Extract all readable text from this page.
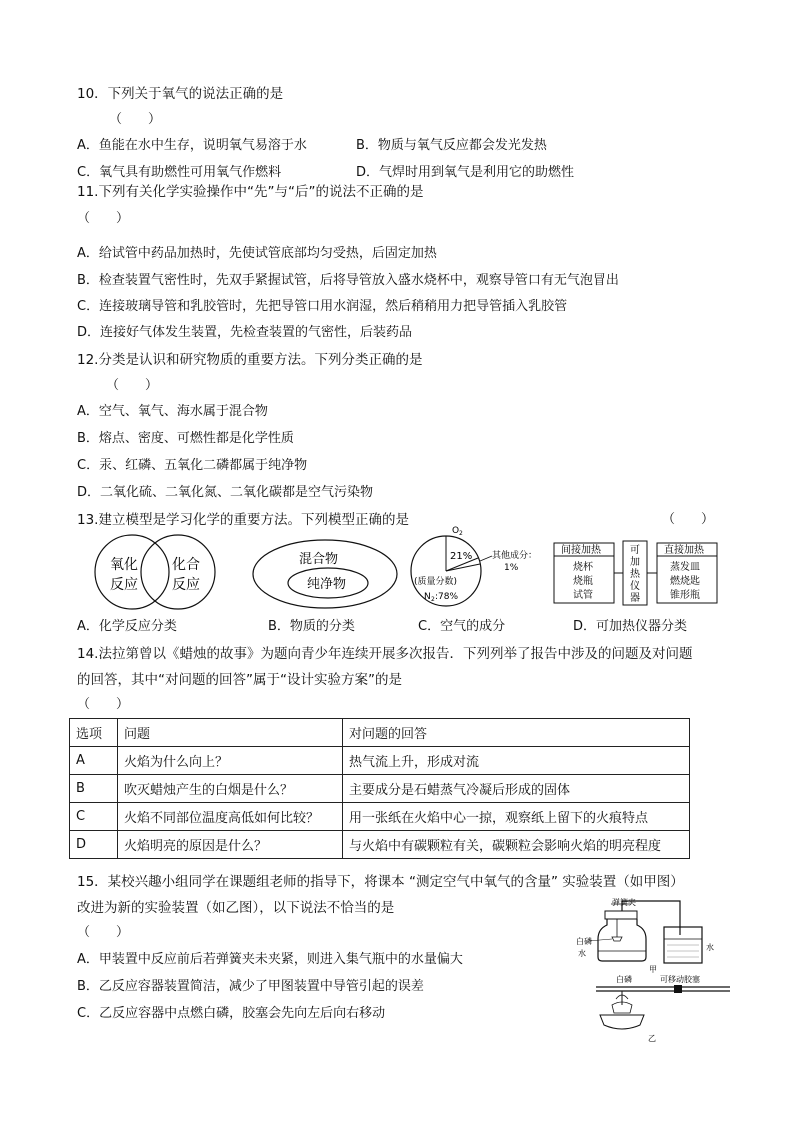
10．下列关于氧气的说法正确的是
（　　）
A．鱼能在水中生存，说明氧气易溶于水	B．物质与氧气反应都会发光发热
C．氧气具有助燃性可用氧气作燃料	D．气焊时用到氧气是利用它的助燃性
11.下列有关化学实验操作中“先”与“后”的说法不正确的是
（　　）
A．给试管中药品加热时，先使试管底部均匀受热，后固定加热
B．检查装置气密性时，先双手紧握试管，后将导管放入盛水烧杯中，观察导管口有无气泡冒出
C．连接玻璃导管和乳胶管时，先把导管口用水润湿，然后稍稍用力把导管插入乳胶管
D．连接好气体发生装置，先检查装置的气密性，后装药品
12.分类是认识和研究物质的重要方法。下列分类正确的是
（　　）
A．空气、氧气、海水属于混合物
B．熔点、密度、可燃性都是化学性质
C．汞、红磷、五氧化二磷都属于纯净物
D．二氧化硫、二氧化氮、二氧化碳都是空气污染物
13.建立模型是学习化学的重要方法。下列模型正确的是	（　　）
氧化
反应
化合
反应
混合物
纯净物
O 2
21% 其他成分：
1%
(质量分数)
N 2 :78%
间接加热
烧杯
烧瓶
试管
可
加
热
仪
器
直接加热
蒸发皿
燃烧匙
锥形瓶
A．化学反应分类	B．物质的分类	C．空气的成分	D．可加热仪器分类
14.法拉第曾以《蜡烛的故事》为题向青少年连续开展多次报告．下列列举了报告中涉及的问题及对问题
的回答，其中“对问题的回答”属于“设计实验方案”的是
（　　）
选项	问题	对问题的回答
A	火焰为什么向上？	热气流上升，形成对流
B	吹灭蜡烛产生的白烟是什么？	主要成分是石蜡蒸气冷凝后形成的固体
C	火焰不同部位温度高低如何比较？	用一张纸在火焰中心一掠，观察纸上留下的火痕特点
D	火焰明亮的原因是什么？	与火焰中有碳颗粒有关，碳颗粒会影响火焰的明亮程度
15．某校兴趣小组同学在课题组老师的指导下，将课本 “测定空气中氧气的含量” 实验装置（如甲图）
改进为新的实验装置（如乙图），以下说法不恰当的是
（　　）
A．甲装置中反应前后若弹簧夹未夹紧，则进入集气瓶中的水量偏大
B．乙反应容器装置简洁，减少了甲图装置中导管引起的误差
C．乙反应容器中点燃白磷，胶塞会先向左后向右移动
弹簧夹
白磷
水
水
甲
白磷	可移动胶塞
乙
